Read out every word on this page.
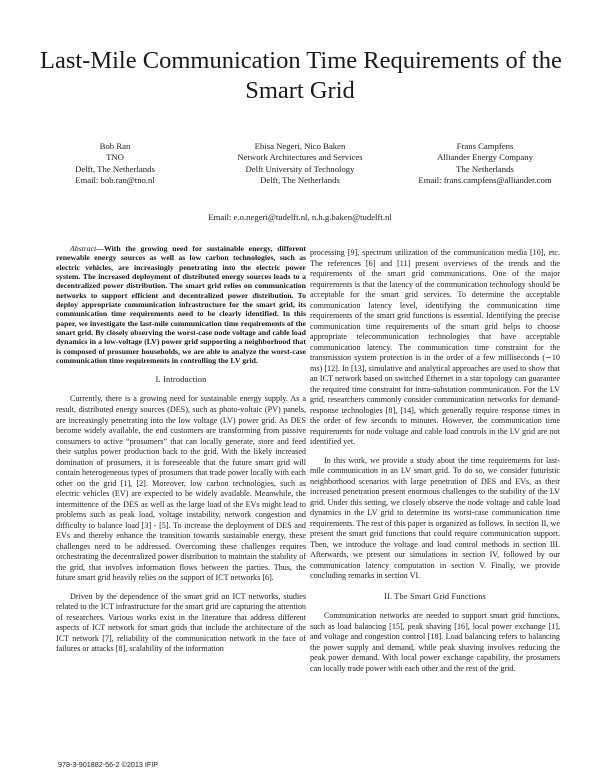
Last-Mile Communication Time Requirements of the
Smart Grid
Bob Ran
TNO
Delft, The Netherlands
Email: bob.ran@tno.nl
Ebisa Negeri, Nico Baken
Network Architectures and Services
Delft University of Technology
Delft, The Netherlands
Frans Campfens
Alliander Energy Company
The Netherlands
Email: frans.campfens@alliander.com
Email: e.o.negeri@tudelft.nl, n.h.g.baken@tudelft.nl

Abstract—With the growing need for sustainable energy, different renewable energy sources as well as low carbon technologies, such as electric vehicles, are increasingly penetrating into the electric power system. The increased deployment of distributed energy sources leads to a decentralized power distribution. The smart grid relies on communication networks to support efficient and decentralized power distribution. To deploy appropriate communication infrastructure for the smart grid, its communication time requirements need to be clearly identified. In this paper, we investigate the last-mile communication time requirements of the smart grid. By closely observing the worst-case node voltage and cable load dynamics in a low-voltage (LV) power grid supporting a neighborhood that is composed of prosumer households, we are able to analyze the worst-case communication time requirements in controlling the LV grid.

I. Introduction

Currently, there is a growing need for sustainable energy supply. As a result, distributed energy sources (DES), such as photo-voltaic (PV) panels, are increasingly penetrating into the low voltage (LV) power grid. As DES become widely available, the end customers are transforming from passive consumers to active “prosumers” that can locally generate, store and feed their surplus power production back to the grid. With the likely increased domination of prosumers, it is foreseeable that the future smart grid will contain heterogeneous types of prosumers that trade power locally with each other on the grid [1], [2]. Moreover, low carbon technologies, such as electric vehicles (EV) are expected to be widely available. Meanwhile, the intermittence of the DES as well as the large load of the EVs might lead to problems such as peak load, voltage instability, network congestion and difficulty to balance load [3] - [5]. To increase the deployment of DES and EVs and thereby enhance the transition towards sustainable energy, these challenges need to be addressed. Overcoming these challenges requires orchestrating the decentralized power distribution to maintain the stability of the grid, that involves information flows between the parties. Thus, the future smart grid heavily relies on the support of ICT networks [6].

Driven by the dependence of the smart grid on ICT networks, studies related to the ICT infrastructure for the smart grid are capturing the attention of researchers. Various works exist in the literature that address different aspects of ICT network for smart grids that include the architecture of the ICT network [7], reliability of the communication network in the face of failures or attacks [8], scalability of the information

processing [9], spectrum utilization of the communication media [10], etc. The references [6] and [11] present overviews of the trends and the requirements of the smart grid communications. One of the major requirements is that the latency of the communication technology should be acceptable for the smart grid services. To determine the acceptable communication latency level, identifying the communication time requirements of the smart grid functions is essential. Identifying the precise communication time requirements of the smart grid helps to choose appropriate telecommunication technologies that have acceptable communication latency. The communication time constraint for the transmission system protection is in the order of a few milliseconds (∼10 ms) [12]. In [13], simulative and analytical approaches are used to show that an ICT network based on switched Ethernet in a star topology can guarantee the required time constraint for intra-substation communication. For the LV grid, researchers commonly consider communication networks for demand-response technologies [8], [14], which generally require response times in the order of few seconds to minutes. However, the communication time requirements for node voltage and cable load controls in the LV grid are not identified yet.

In this work, we provide a study about the time requirements for last-mile communication in an LV smart grid. To do so, we consider futuristic neighborhood scenarios with large penetration of DES and EVs, as their increased penetration present enormous challenges to the stability of the LV grid. Under this setting, we closely observe the node voltage and cable load dynamics in the LV grid to determine its worst-case communication time requirements. The rest of this paper is organized as follows. In section II, we present the smart grid functions that could require communication support. Then, we introduce the voltage and load control methods in section III. Afterwards, we present our simulations in section IV, followed by our communication latency computation in section V. Finally, we provide concluding remarks in section VI.

II. The Smart Grid Functions

Communication networks are needed to support smart grid functions, such as load balancing [15], peak shaving [16], local power exchange [1], and voltage and congestion control [18]. Load balancing refers to balancing the power supply and demand, while peak shaving involves reducing the peak power demand. With local power exchange capability, the prosumers can locally trade power with each other and the rest of the grid.

978-3-901882-56-2 ©2013 IFIP
